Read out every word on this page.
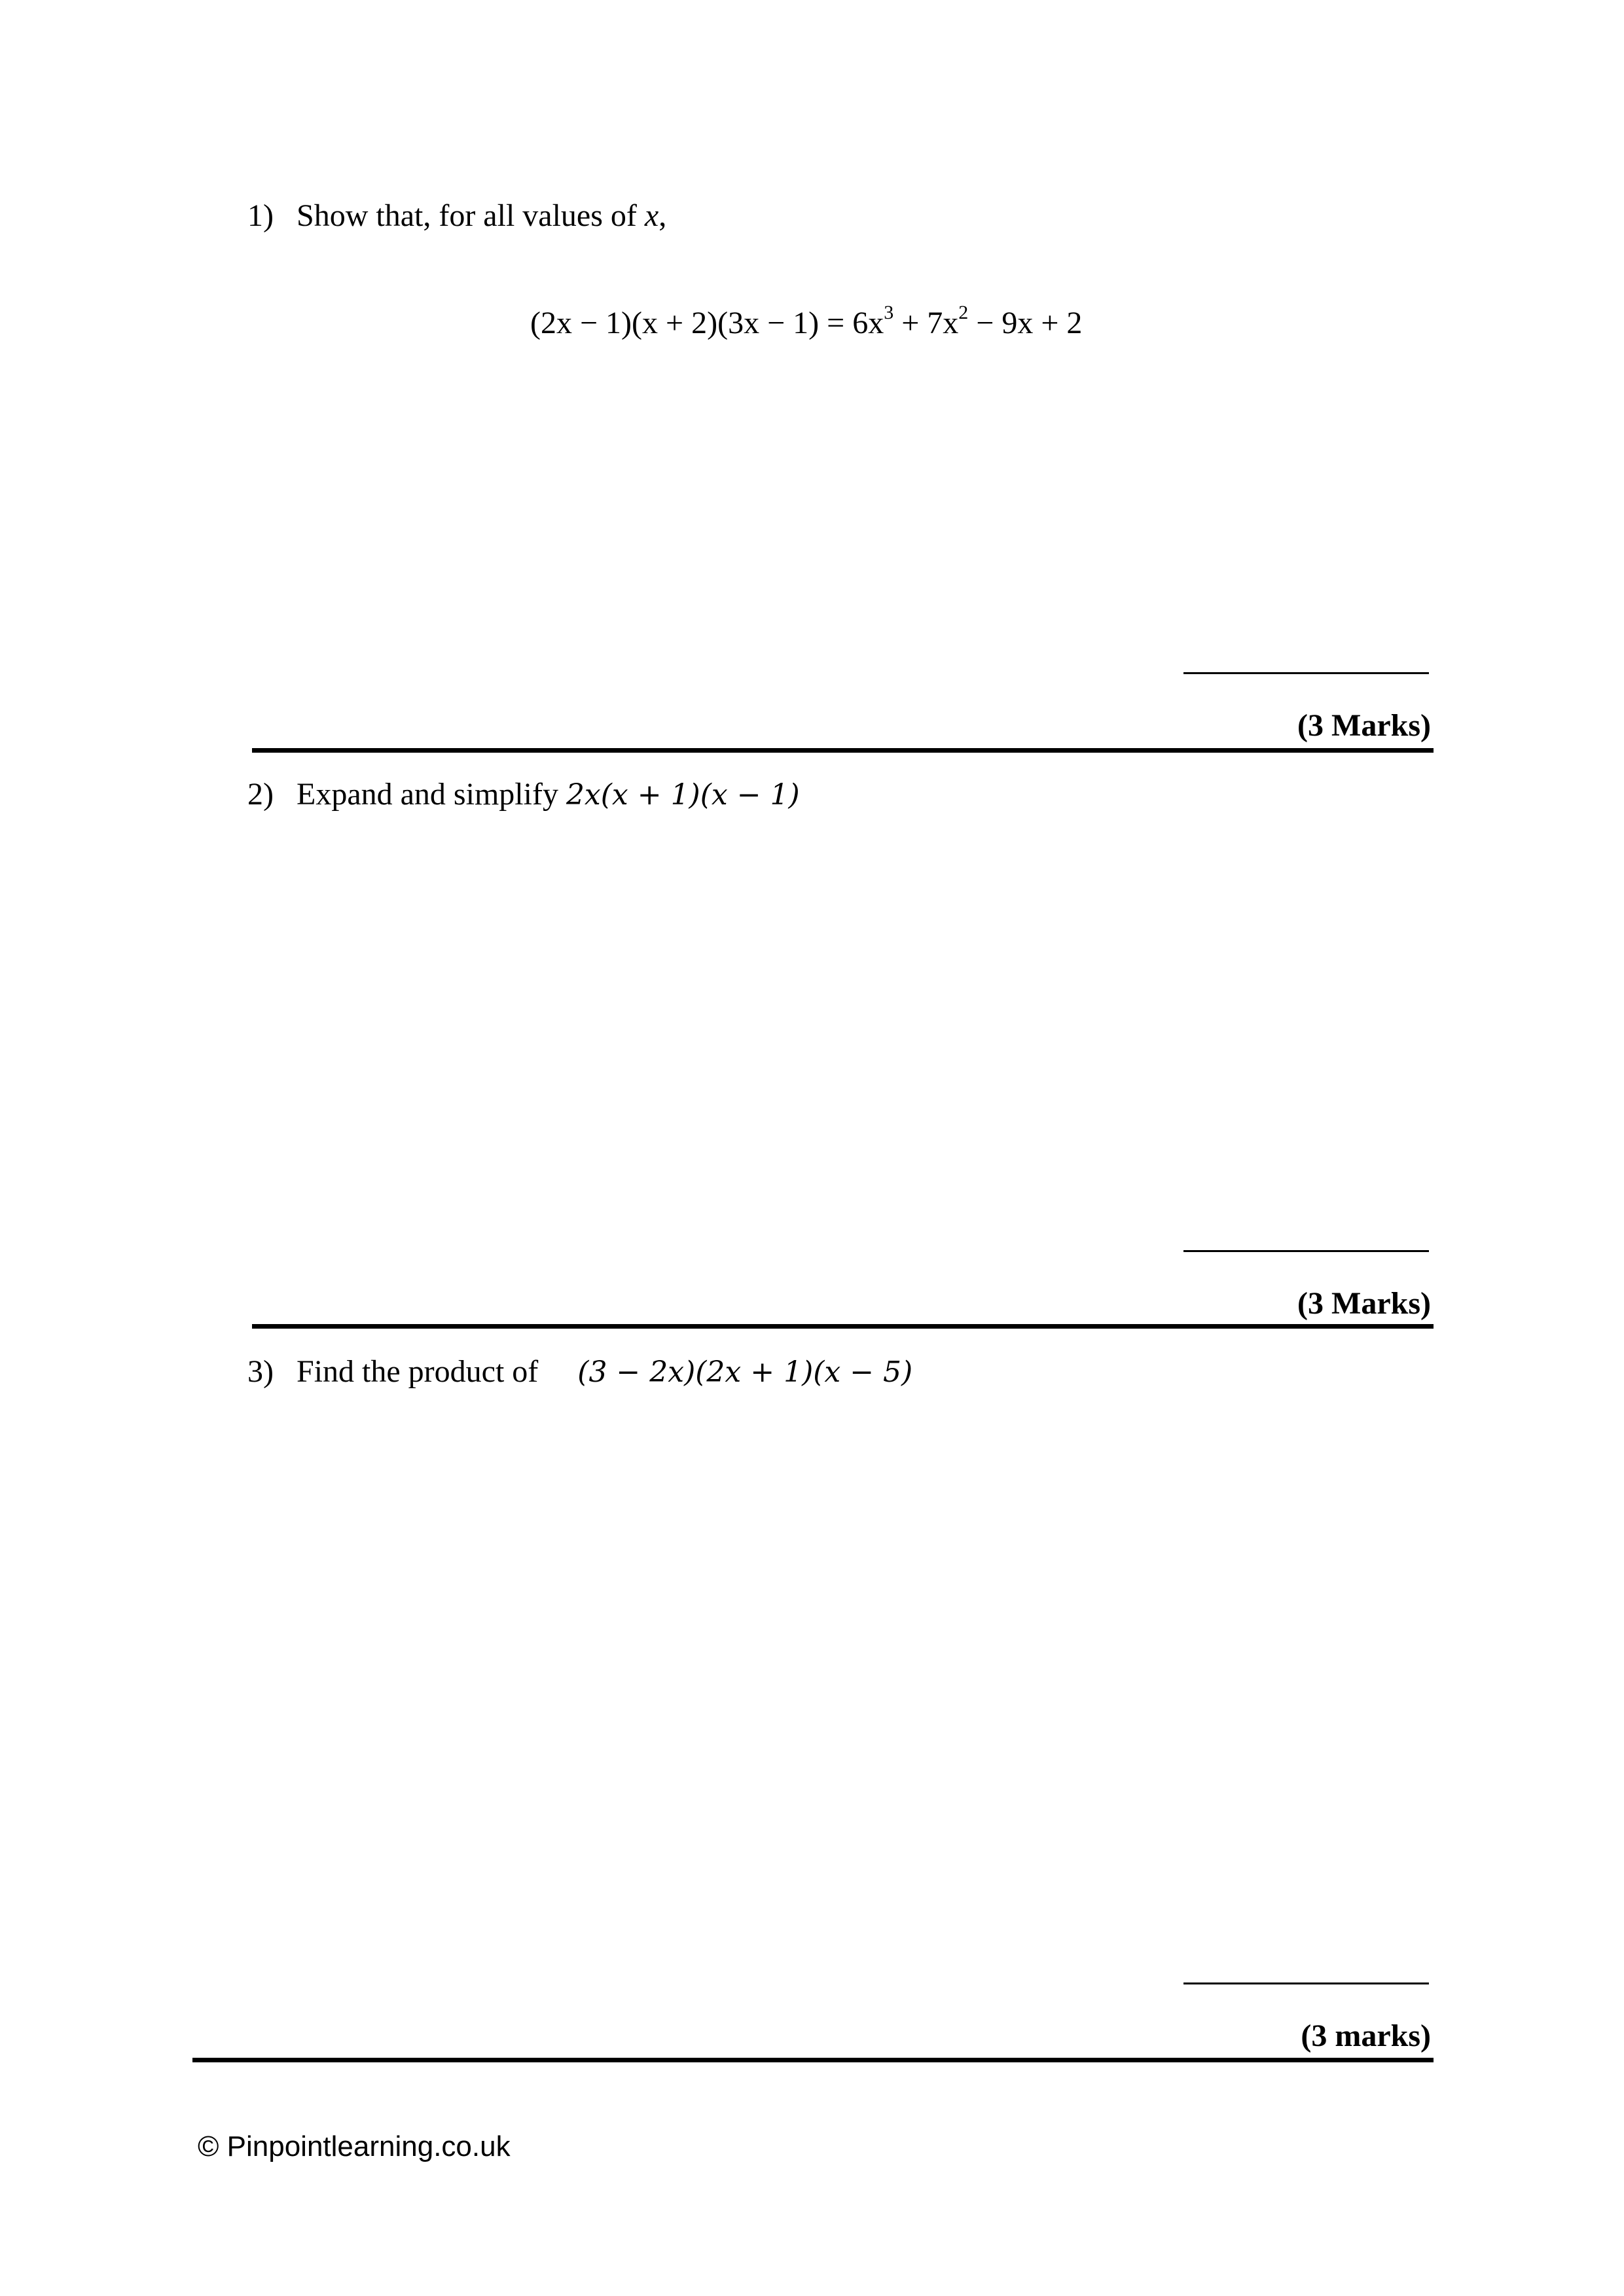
1) Show that, for all values of x,
$(2x - 1)(x + 2)(3x - 1) = 6x^3 + 7x^2 - 9x + 2$
(3 Marks)
2) Expand and simplify 2x(x + 1)(x − 1)
(3 Marks)
3) Find the product of (3 − 2x)(2x + 1)(x − 5)
(3 marks)
© Pinpointlearning.co.uk
